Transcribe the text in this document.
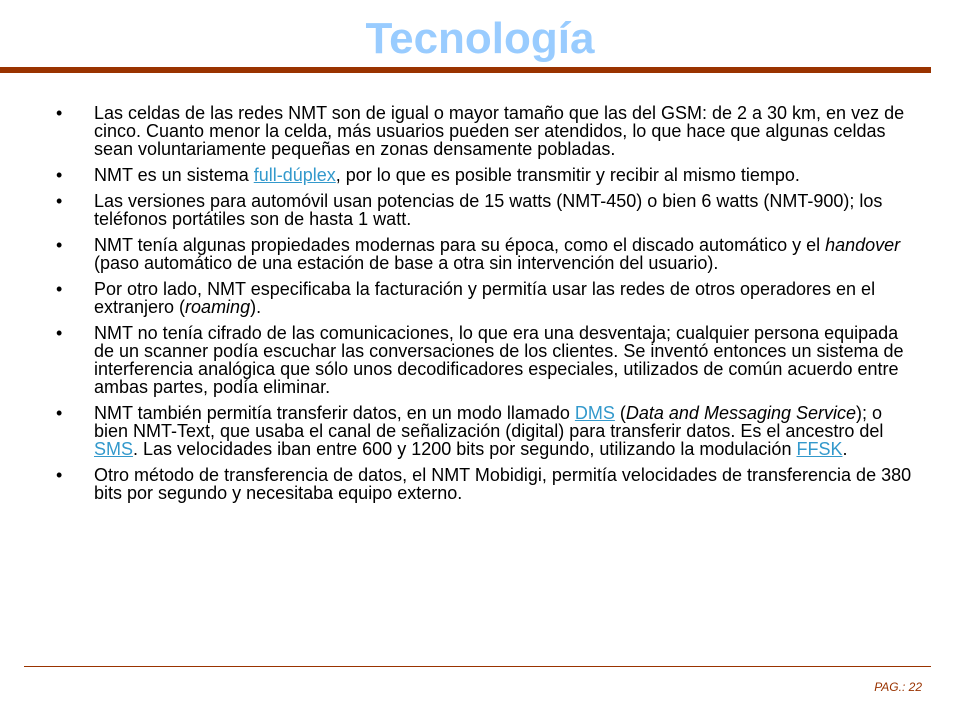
Tecnología
• Las celdas de las redes NMT son de igual o mayor tamaño que las del GSM: de 2 a 30 km, en vez de cinco. Cuanto menor la celda, más usuarios pueden ser atendidos, lo que hace que algunas celdas sean voluntariamente pequeñas en zonas densamente pobladas.
• NMT es un sistema full-dúplex, por lo que es posible transmitir y recibir al mismo tiempo.
• Las versiones para automóvil usan potencias de 15 watts (NMT-450) o bien 6 watts (NMT-900); los teléfonos portátiles son de hasta 1 watt.
• NMT tenía algunas propiedades modernas para su época, como el discado automático y el handover (paso automático de una estación de base a otra sin intervención del usuario).
• Por otro lado, NMT especificaba la facturación y permitía usar las redes de otros operadores en el extranjero (roaming).
• NMT no tenía cifrado de las comunicaciones, lo que era una desventaja; cualquier persona equipada de un scanner podía escuchar las conversaciones de los clientes. Se inventó entonces un sistema de interferencia analógica que sólo unos decodificadores especiales, utilizados de común acuerdo entre ambas partes, podía eliminar.
• NMT también permitía transferir datos, en un modo llamado DMS (Data and Messaging Service); o bien NMT-Text, que usaba el canal de señalización (digital) para transferir datos. Es el ancestro del SMS. Las velocidades iban entre 600 y 1200 bits por segundo, utilizando la modulación FFSK.
• Otro método de transferencia de datos, el NMT Mobidigi, permitía velocidades de transferencia de 380 bits por segundo y necesitaba equipo externo.
PAG.: 22
